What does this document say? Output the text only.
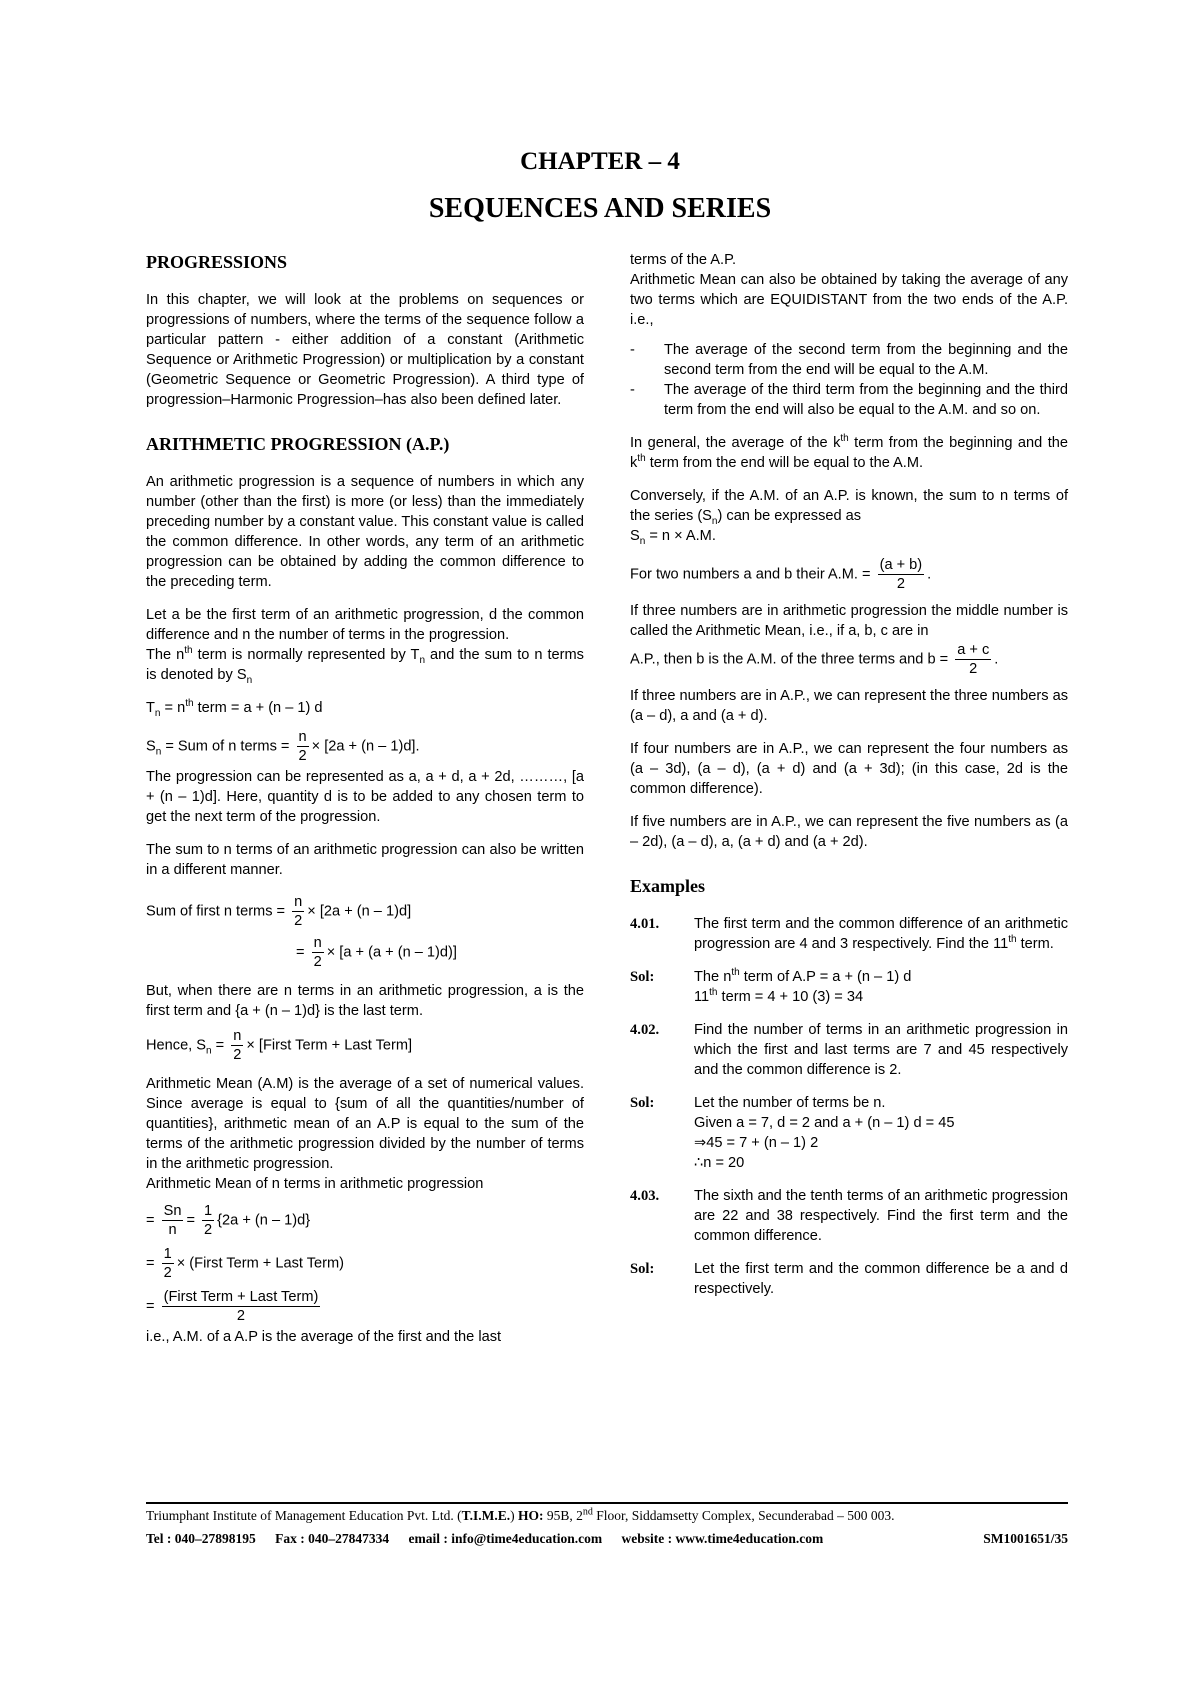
CHAPTER – 4
SEQUENCES AND SERIES
PROGRESSIONS

In this chapter, we will look at the problems on sequences or progressions of numbers, where the terms of the sequence follow a particular pattern - either addition of a constant (Arithmetic Sequence or Arithmetic Progression) or multiplication by a constant (Geometric Sequence or Geometric Progression). A third type of progression–Harmonic Progression–has also been defined later.

ARITHMETIC PROGRESSION (A.P.)

An arithmetic progression is a sequence of numbers in which any number (other than the first) is more (or less) than the immediately preceding number by a constant value. This constant value is called the common difference. In other words, any term of an arithmetic progression can be obtained by adding the common difference to the preceding term.

Let a be the first term of an arithmetic progression, d the common difference and n the number of terms in the progression.

The $n^{th}$ term is normally represented by $T_n$ and the sum to n terms is denoted by $S_n$

$T_n = n^{th}$ term = a + (n – 1) d

$S_n$ = Sum of n terms = $\frac{n}{2} \times [2a + (n - 1)d]$.

The progression can be represented as a, a + d, a + 2d, ………, [a + (n – 1)d]. Here, quantity d is to be added to any chosen term to get the next term of the progression.

The sum to n terms of an arithmetic progression can also be written in a different manner.

Sum of first n terms = $\frac{n}{2} \times [2a + (n - 1)d]$

= $\frac{n}{2} \times [a + (a + (n - 1)d)]$

But, when there are n terms in an arithmetic progression, a is the first term and {a + (n – 1)d} is the last term.

Hence, $S_n = \frac{n}{2}$ × [First Term + Last Term]

Arithmetic Mean (A.M) is the average of a set of numerical values. Since average is equal to {sum of all the quantities/number of quantities}, arithmetic mean of an A.P is equal to the sum of the terms of the arithmetic progression divided by the number of terms in the arithmetic progression.

Arithmetic Mean of n terms in arithmetic progression

= $\frac{Sn}{n} = \frac{1}{2} \{2a + (n - 1)d\}$

= $\frac{1}{2}$ × (First Term + Last Term)

= $\frac{\text{(First Term + Last Term)}}{2}$

i.e., A.M. of a A.P is the average of the first and the last

terms of the A.P.

Arithmetic Mean can also be obtained by taking the average of any two terms which are EQUIDISTANT from the two ends of the A.P. i.e.,

-	The average of the second term from the beginning and the second term from the end will be equal to the A.M.
-	The average of the third term from the beginning and the third term from the end will also be equal to the A.M. and so on.

In general, the average of the $k^{th}$ term from the beginning and the $k^{th}$ term from the end will be equal to the A.M.

Conversely, if the A.M. of an A.P. is known, the sum to n terms of the series $(S_n)$ can be expressed as

$S_n = n \times A.M$.

For two numbers a and b their A.M. = $\frac{(a + b)}{2}$ .

If three numbers are in arithmetic progression the middle number is called the Arithmetic Mean, i.e., if a, b, c are in

A.P., then b is the A.M. of the three terms and $b = \frac{a + c}{2}$ .

If three numbers are in A.P., we can represent the three numbers as (a – d), a and (a + d).

If four numbers are in A.P., we can represent the four numbers as (a – 3d), (a – d), (a + d) and (a + 3d); (in this case, 2d is the common difference).

If five numbers are in A.P., we can represent the five numbers as (a – 2d), (a – d), a, (a + d) and (a + 2d).

Examples
4.01.	The first term and the common difference of an arithmetic progression are 4 and 3 respectively. Find the 11th term.
Sol:	The $n^{th}$ term of A.P = a + (n – 1) d
11th term = 4 + 10 (3) = 34
4.02.	Find the number of terms in an arithmetic progression in which the first and last terms are 7 and 45 respectively and the common difference is 2.
Sol:	Let the number of terms be n.
Given a = 7, d = 2 and a + (n – 1) d = 45
⇒45 = 7 + (n – 1) 2
∴n = 20
4.03.	The sixth and the tenth terms of an arithmetic progression are 22 and 38 respectively. Find the first term and the common difference.
Sol:	Let the first term and the common difference be a and d respectively.
Triumphant Institute of Management Education Pvt. Ltd. (T.I.M.E.) HO: 95B, 2nd Floor, Siddamsetty Complex, Secunderabad – 500 003.
Tel : 040–27898195 Fax : 040–27847334 email : info@time4education.com website : www.time4education.com	SM1001651/35
